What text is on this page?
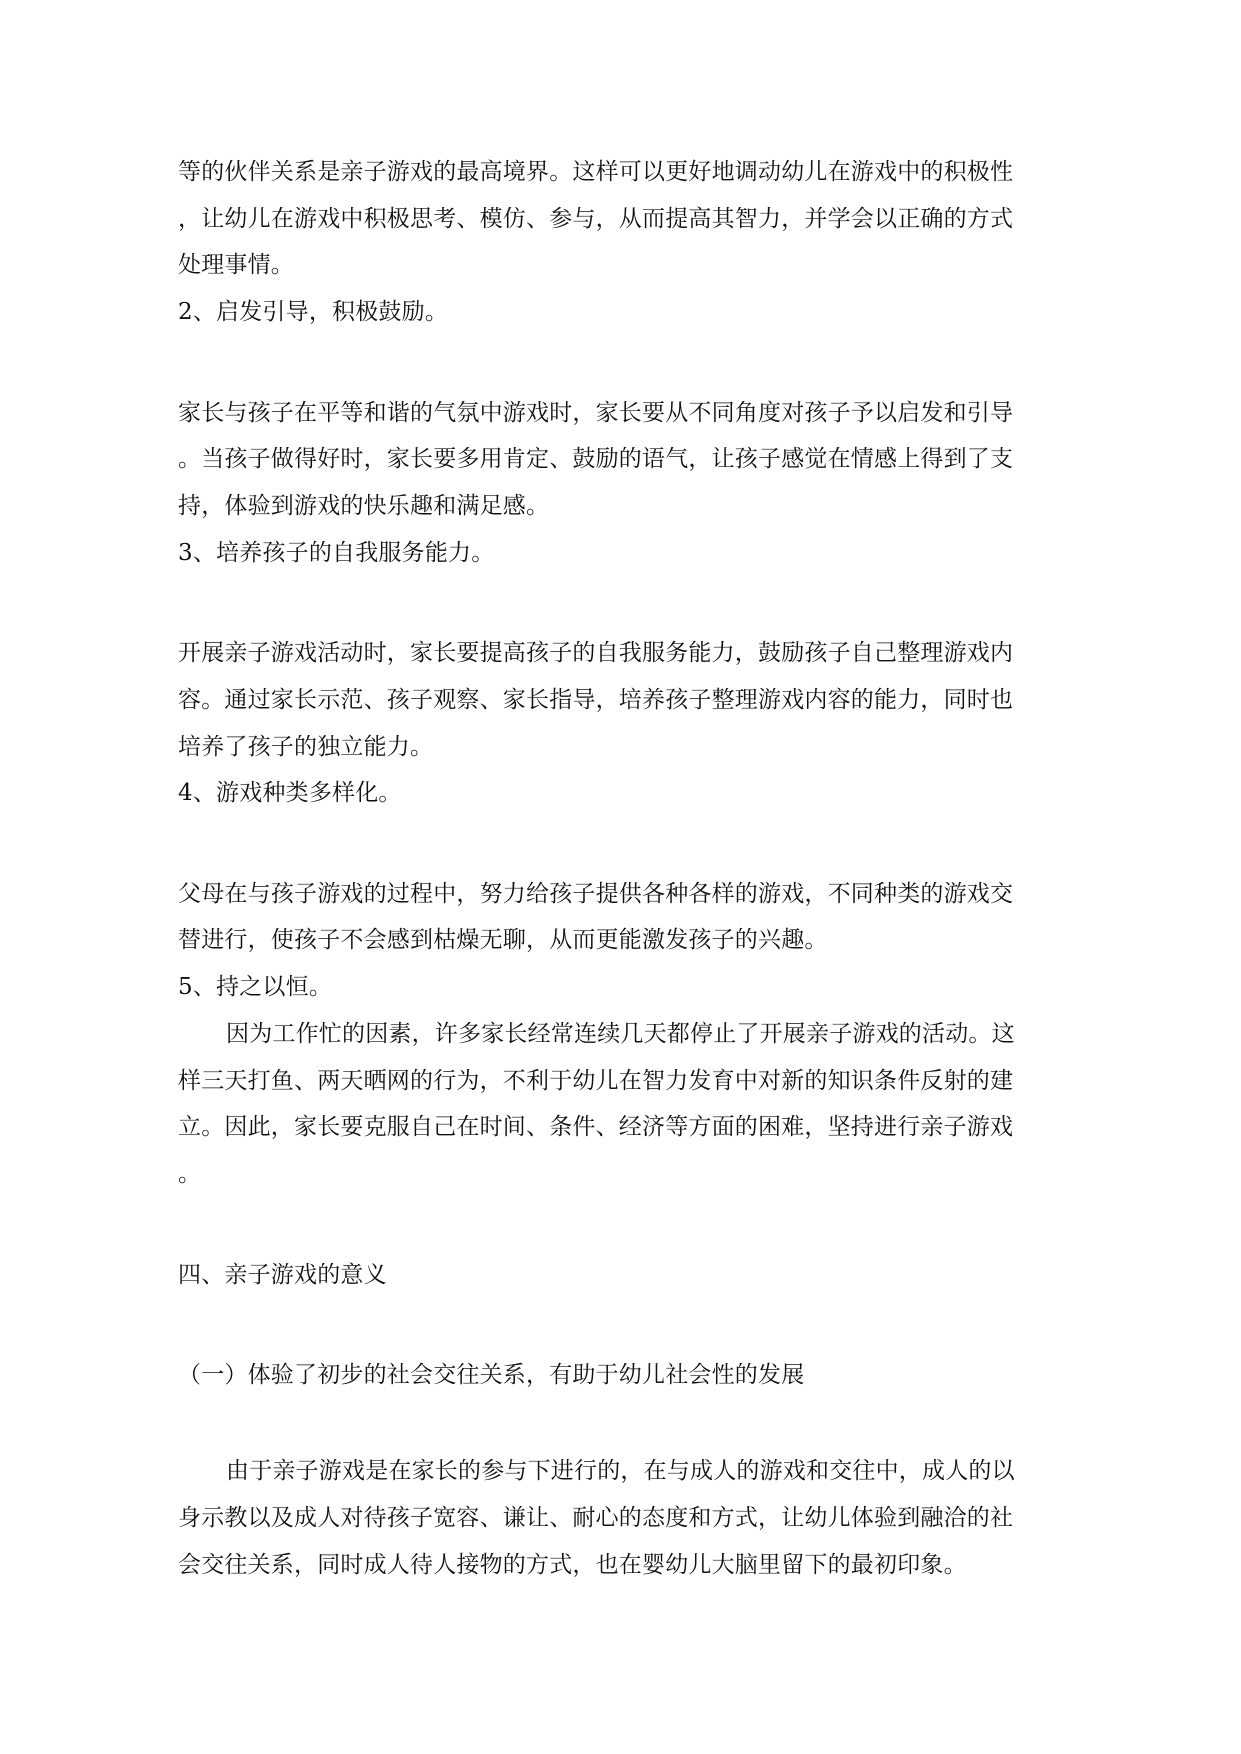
等的伙伴关系是亲子游戏的最高境界。这样可以更好地调动幼儿在游戏中的积极性
，让幼儿在游戏中积极思考、模仿、参与，从而提高其智力，并学会以正确的方式
处理事情。
2、启发引导，积极鼓励。
家长与孩子在平等和谐的气氛中游戏时，家长要从不同角度对孩子予以启发和引导
。当孩子做得好时，家长要多用肯定、鼓励的语气，让孩子感觉在情感上得到了支
持，体验到游戏的快乐趣和满足感。
3、培养孩子的自我服务能力。
开展亲子游戏活动时，家长要提高孩子的自我服务能力，鼓励孩子自己整理游戏内
容。通过家长示范、孩子观察、家长指导，培养孩子整理游戏内容的能力，同时也
培养了孩子的独立能力。
4、游戏种类多样化。
父母在与孩子游戏的过程中，努力给孩子提供各种各样的游戏，不同种类的游戏交
替进行，使孩子不会感到枯燥无聊，从而更能激发孩子的兴趣。
5、持之以恒。
因为工作忙的因素，许多家长经常连续几天都停止了开展亲子游戏的活动。这
样三天打鱼、两天晒网的行为，不利于幼儿在智力发育中对新的知识条件反射的建
立。因此，家长要克服自己在时间、条件、经济等方面的困难，坚持进行亲子游戏
。
四、亲子游戏的意义
（一）体验了初步的社会交往关系，有助于幼儿社会性的发展
由于亲子游戏是在家长的参与下进行的，在与成人的游戏和交往中，成人的以
身示教以及成人对待孩子宽容、谦让、耐心的态度和方式，让幼儿体验到融洽的社
会交往关系，同时成人待人接物的方式，也在婴幼儿大脑里留下的最初印象。
